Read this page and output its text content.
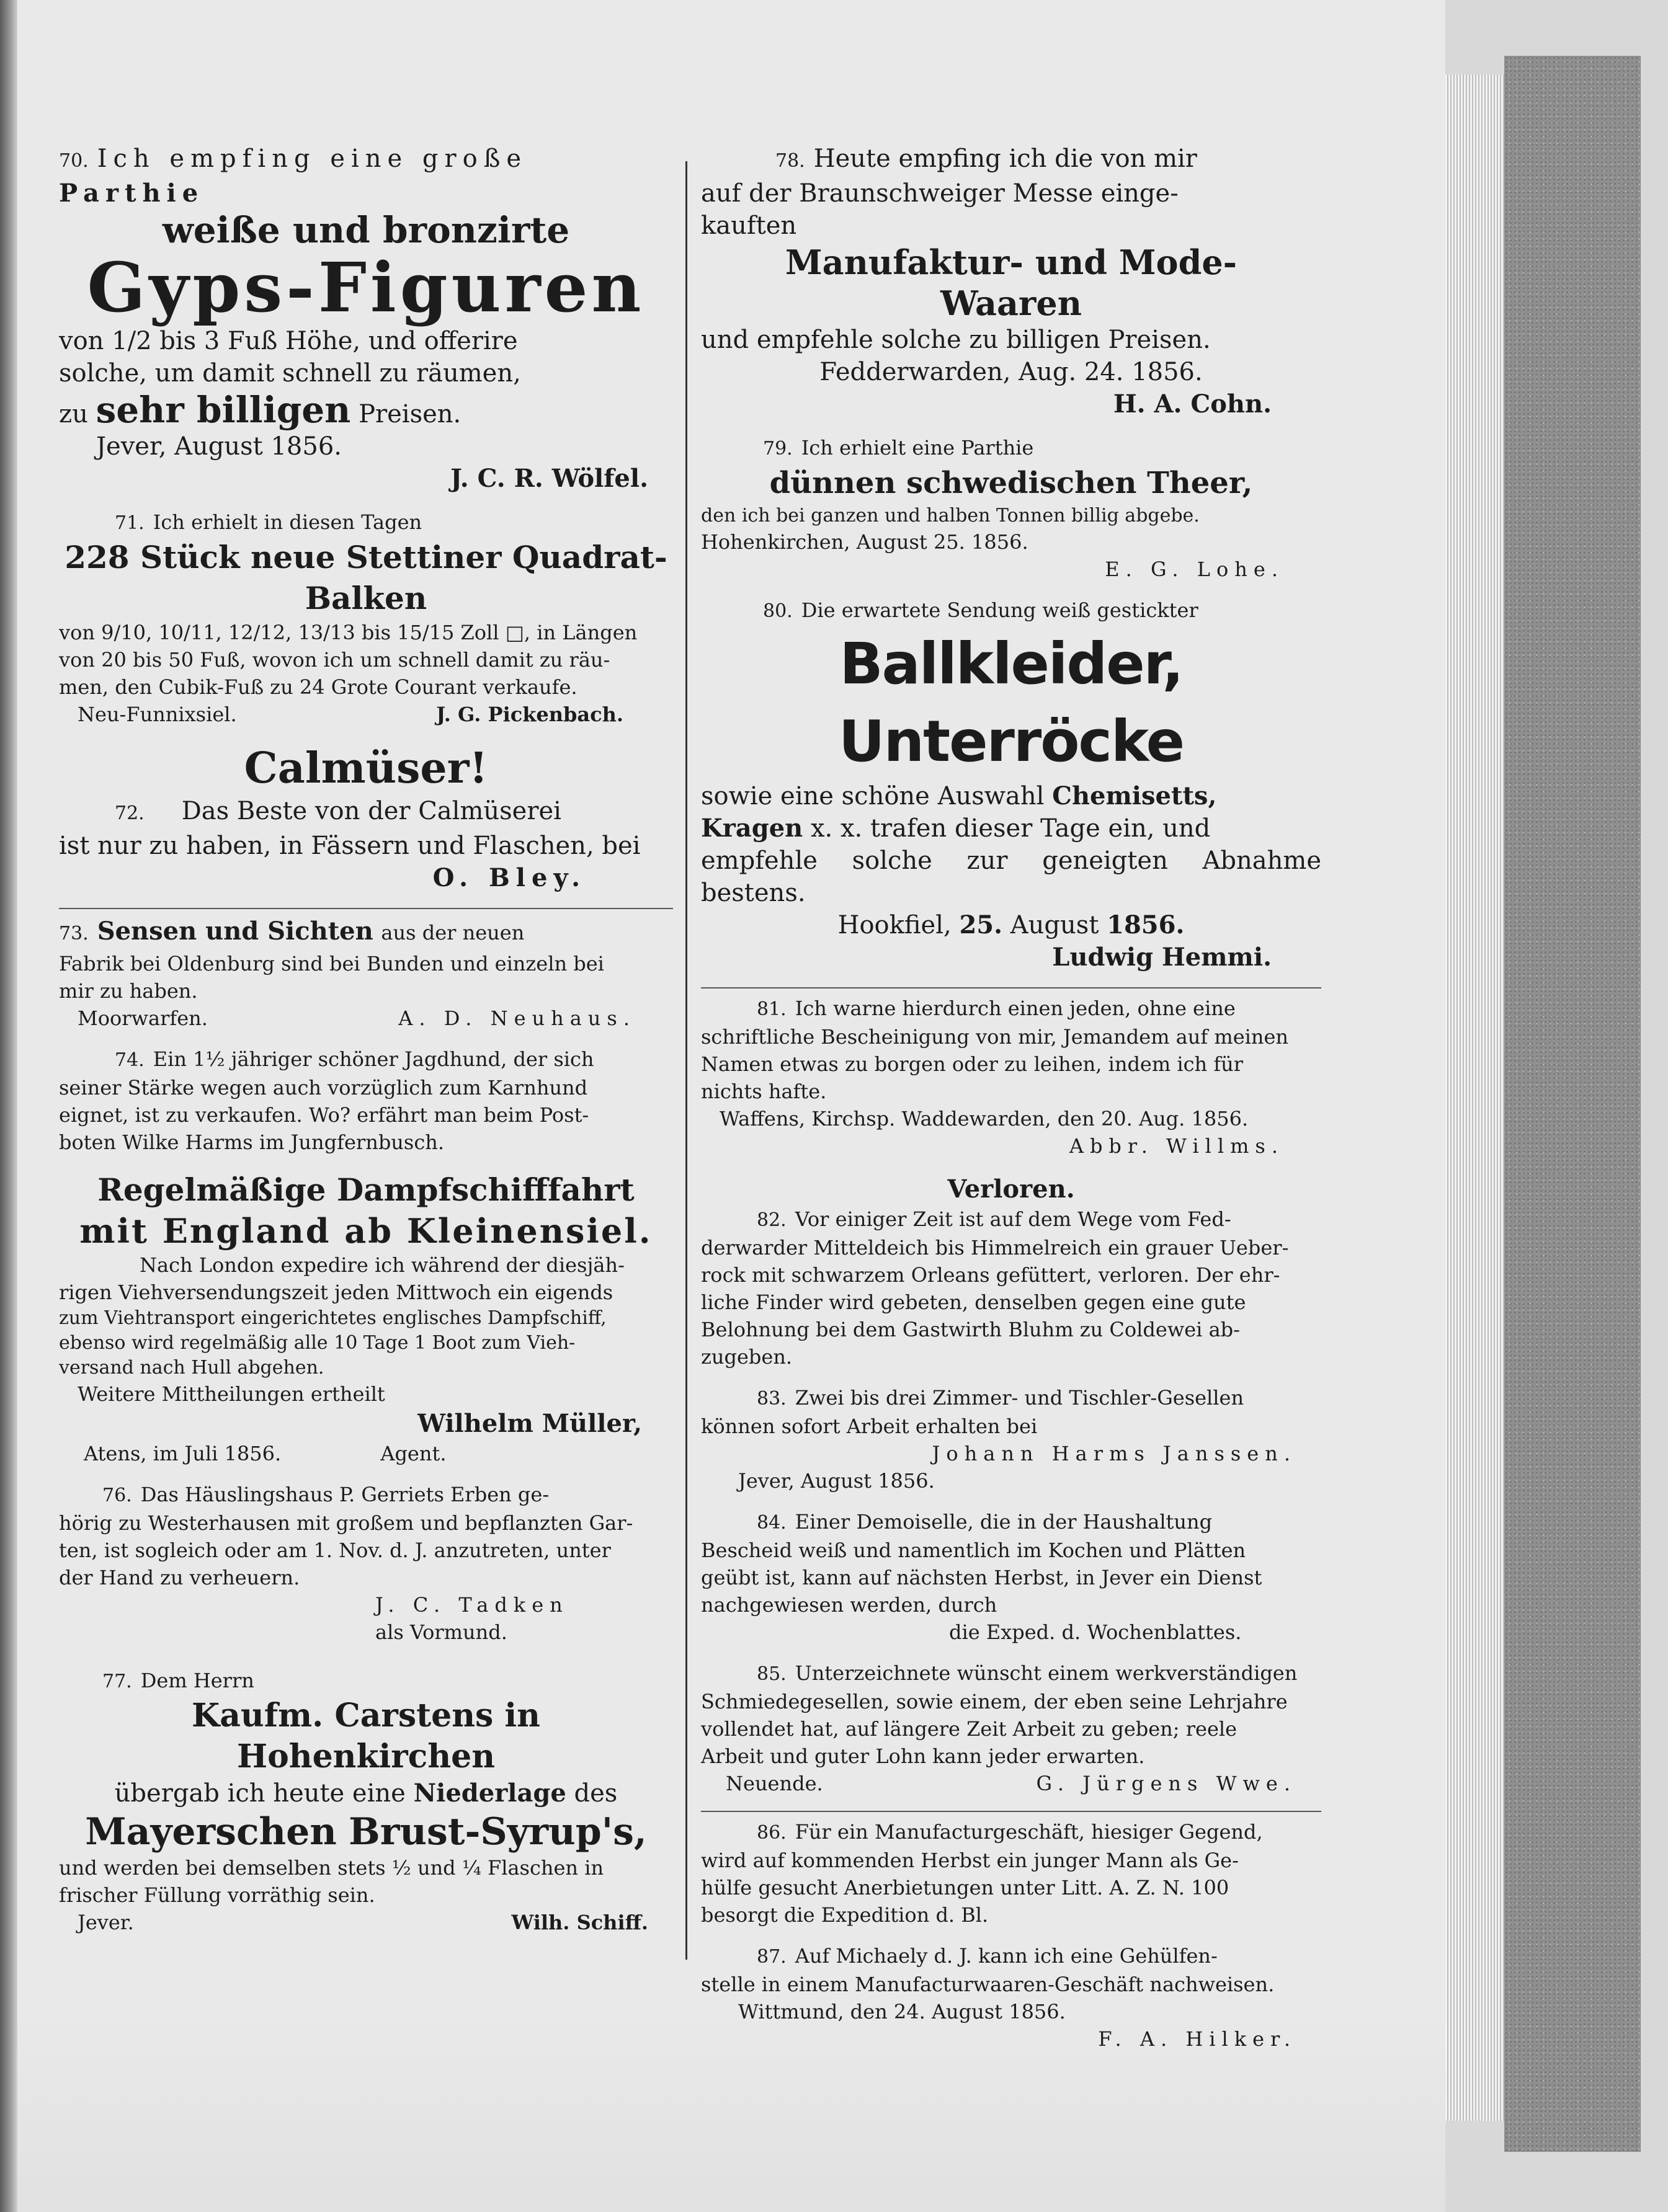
70. Ich empfing eine große

Parthie

weiße und bronzirte

Gyps-Figuren

von 1/2 bis 3 Fuß Höhe, und offerire

solche, um damit schnell zu räumen,

zu sehr billigen Preisen.

Jever, August 1856.

J. C. R. Wölfel.

71. Ich erhielt in diesen Tagen

228 Stück neue Stettiner Quadrat-

Balken

von 9/10, 10/11, 12/12, 13/13 bis 15/15 Zoll □, in Längen

von 20 bis 50 Fuß, wovon ich um schnell damit zu räu-

men, den Cubik-Fuß zu 24 Grote Courant verkaufe.

Neu-Funnixsiel.	J. G. Pickenbach.

Calmüser!

72. Das Beste von der Calmüserei

ist nur zu haben, in Fässern und Flaschen, bei

O. Bley.

73. Sensen und Sichten aus der neuen

Fabrik bei Oldenburg sind bei Bunden und einzeln bei

mir zu haben.

Moorwarfen.	A. D. Neuhaus.

74. Ein 1½ jähriger schöner Jagdhund, der sich

seiner Stärke wegen auch vorzüglich zum Karnhund

eignet, ist zu verkaufen. Wo? erfährt man beim Post-

boten Wilke Harms im Jungfernbusch.

Regelmäßige Dampfschifffahrt

mit England ab Kleinensiel.

Nach London expedire ich während der diesjäh-

rigen Viehversendungszeit jeden Mittwoch ein eigends

zum Viehtransport eingerichtetes englisches Dampfschiff,

ebenso wird regelmäßig alle 10 Tage 1 Boot zum Vieh-

versand nach Hull abgehen.

Weitere Mittheilungen ertheilt

Wilhelm Müller,

Atens, im Juli 1856.	Agent.

76. Das Häuslingshaus P. Gerriets Erben ge-

hörig zu Westerhausen mit großem und bepflanzten Gar-

ten, ist sogleich oder am 1. Nov. d. J. anzutreten, unter

der Hand zu verheuern.

J. C. Tadken

als Vormund.

77. Dem Herrn

Kaufm. Carstens in Hohenkirchen

übergab ich heute eine Niederlage des

Mayerschen Brust-Syrup's,

und werden bei demselben stets ½ und ¼ Flaschen in

frischer Füllung vorräthig sein.

Jever.	Wilh. Schiff.

78. Heute empfing ich die von mir

auf der Braunschweiger Messe einge-

kauften

Manufaktur- und Mode-

Waaren

und empfehle solche zu billigen Preisen.

Fedderwarden, Aug. 24. 1856.

H. A. Cohn.

79. Ich erhielt eine Parthie

dünnen schwedischen Theer,

den ich bei ganzen und halben Tonnen billig abgebe.

Hohenkirchen, August 25. 1856.

E. G. Lohe.

80. Die erwartete Sendung weiß gestickter

Ballkleider, Unterröcke

sowie eine schöne Auswahl Chemisetts,

Kragen x. x. trafen dieser Tage ein, und

empfehle solche zur geneigten Abnahme bestens.

Hookfiel, 25. August 1856.

Ludwig Hemmi.

81. Ich warne hierdurch einen jeden, ohne eine

schriftliche Bescheinigung von mir, Jemandem auf meinen

Namen etwas zu borgen oder zu leihen, indem ich für

nichts hafte.

Waffens, Kirchsp. Waddewarden, den 20. Aug. 1856.

Abbr. Willms.

Verloren.

82. Vor einiger Zeit ist auf dem Wege vom Fed-

derwarder Mitteldeich bis Himmelreich ein grauer Ueber-

rock mit schwarzem Orleans gefüttert, verloren. Der ehr-

liche Finder wird gebeten, denselben gegen eine gute

Belohnung bei dem Gastwirth Bluhm zu Coldewei ab-

zugeben.

83. Zwei bis drei Zimmer- und Tischler-Gesellen

können sofort Arbeit erhalten bei

Johann Harms Janssen.

Jever, August 1856.

84. Einer Demoiselle, die in der Haushaltung

Bescheid weiß und namentlich im Kochen und Plätten

geübt ist, kann auf nächsten Herbst, in Jever ein Dienst

nachgewiesen werden, durch

die Exped. d. Wochenblattes.

85. Unterzeichnete wünscht einem werkverständigen

Schmiedegesellen, sowie einem, der eben seine Lehrjahre

vollendet hat, auf längere Zeit Arbeit zu geben; reele

Arbeit und guter Lohn kann jeder erwarten.

Neuende.	G. Jürgens Wwe.

86. Für ein Manufacturgeschäft, hiesiger Gegend,

wird auf kommenden Herbst ein junger Mann als Ge-

hülfe gesucht Anerbietungen unter Litt. A. Z. N. 100

besorgt die Expedition d. Bl.

87. Auf Michaely d. J. kann ich eine Gehülfen-

stelle in einem Manufacturwaaren-Geschäft nachweisen.

Wittmund, den 24. August 1856.

F. A. Hilker.
